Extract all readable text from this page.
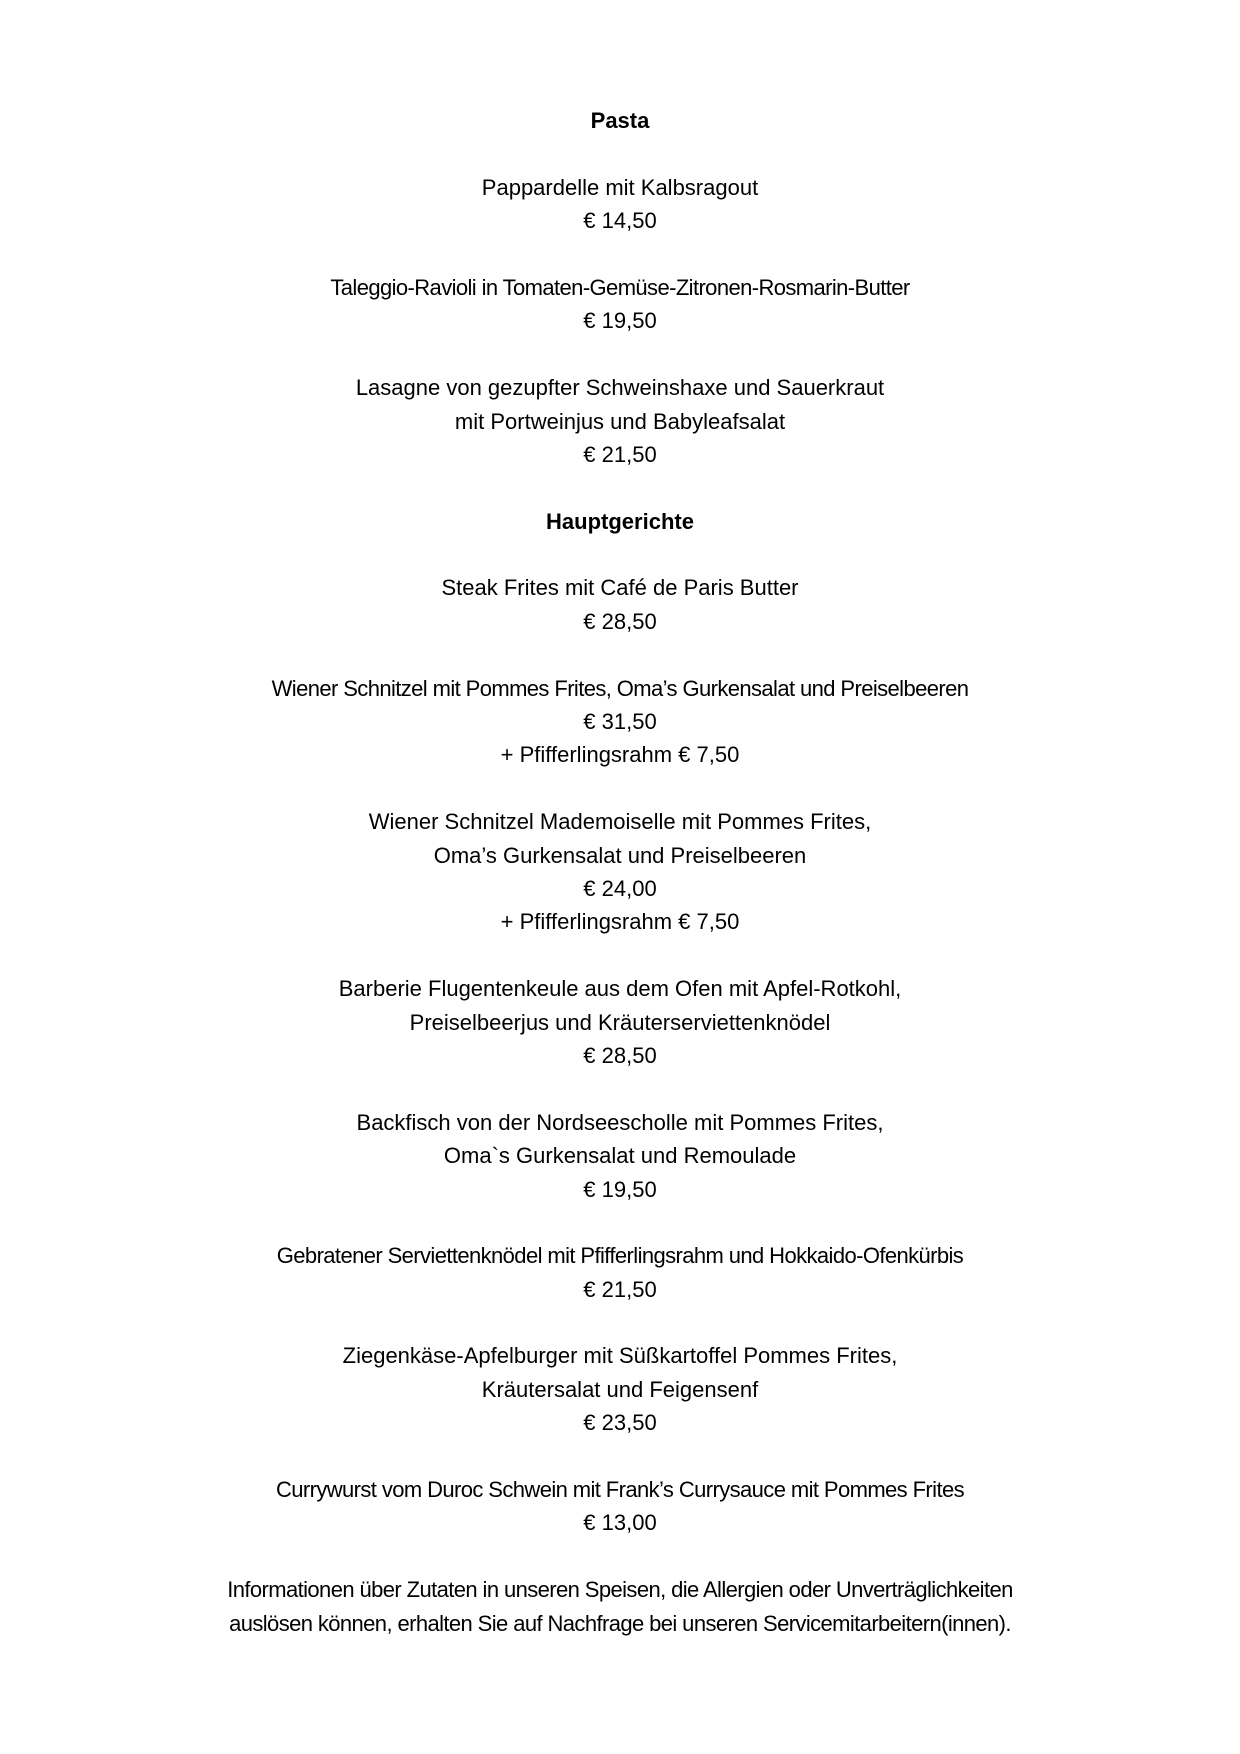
Pasta
Pappardelle mit Kalbsragout
€ 14,50
Taleggio-Ravioli in Tomaten-Gemüse-Zitronen-Rosmarin-Butter
€ 19,50
Lasagne von gezupfter Schweinshaxe und Sauerkraut
mit Portweinjus und Babyleafsalat
€ 21,50
Hauptgerichte
Steak Frites mit Café de Paris Butter
€ 28,50
Wiener Schnitzel mit Pommes Frites, Oma’s Gurkensalat und Preiselbeeren
€ 31,50
+ Pfifferlingsrahm € 7,50
Wiener Schnitzel Mademoiselle mit Pommes Frites,
Oma’s Gurkensalat und Preiselbeeren
€ 24,00
+ Pfifferlingsrahm € 7,50
Barberie Flugentenkeule aus dem Ofen mit Apfel-Rotkohl,
Preiselbeerjus und Kräuterserviettenknödel
€ 28,50
Backfisch von der Nordseescholle mit Pommes Frites,
Oma`s Gurkensalat und Remoulade
€ 19,50
Gebratener Serviettenknödel mit Pfifferlingsrahm und Hokkaido-Ofenkürbis
€ 21,50
Ziegenkäse-Apfelburger mit Süßkartoffel Pommes Frites,
Kräutersalat und Feigensenf
€ 23,50
Currywurst vom Duroc Schwein mit Frank’s Currysauce mit Pommes Frites
€ 13,00
Informationen über Zutaten in unseren Speisen, die Allergien oder Unverträglichkeiten
auslösen können, erhalten Sie auf Nachfrage bei unseren Servicemitarbeitern(innen).
